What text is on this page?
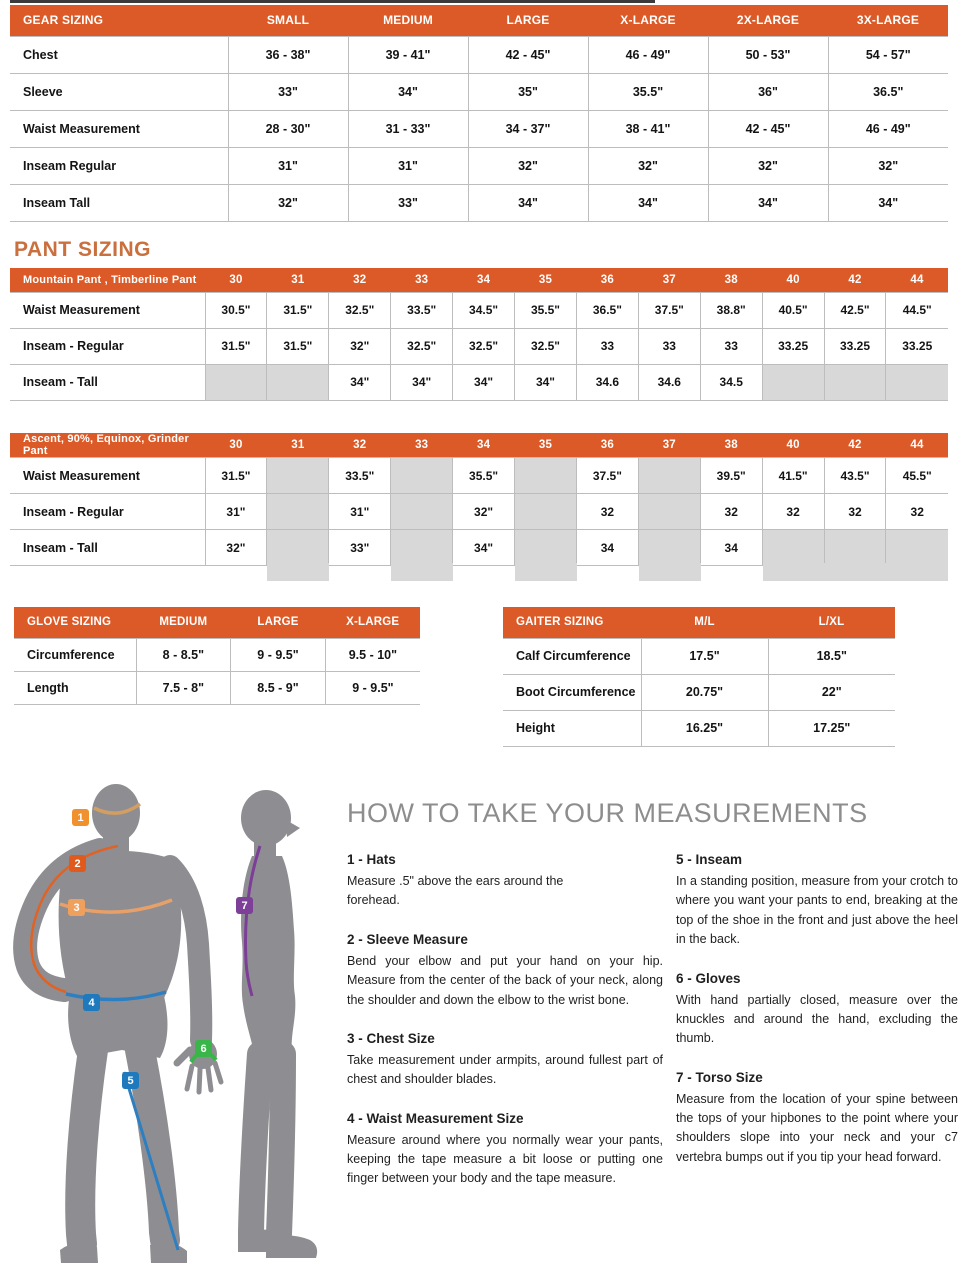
GEAR SIZING	SMALL	MEDIUM	LARGE	X-LARGE	2X-LARGE	3X-LARGE
Chest	36 - 38"	39 - 41"	42 - 45"	46 - 49"	50 - 53"	54 - 57"
Sleeve	33"	34"	35"	35.5"	36"	36.5"
Waist Measurement	28 - 30"	31 - 33"	34 - 37"	38 - 41"	42 - 45"	46 - 49"
Inseam Regular	31"	31"	32"	32"	32"	32"
Inseam Tall	32"	33"	34"	34"	34"	34"
PANT SIZING
Mountain Pant , Timberline Pant	30	31	32	33	34	35	36	37	38	40	42	44
Waist Measurement	30.5"	31.5"	32.5"	33.5"	34.5"	35.5"	36.5"	37.5"	38.8"	40.5"	42.5"	44.5"
Inseam - Regular	31.5"	31.5"	32"	32.5"	32.5"	32.5"	33	33	33	33.25	33.25	33.25
Inseam - Tall			34"	34"	34"	34"	34.6	34.6	34.5			
Ascent, 90%, Equinox, Grinder Pant	30	31	32	33	34	35	36	37	38	40	42	44
Waist Measurement	31.5"		33.5"		35.5"		37.5"		39.5"	41.5"	43.5"	45.5"
Inseam - Regular	31"		31"		32"		32		32	32	32	32
Inseam - Tall	32"		33"		34"		34		34			
GLOVE SIZING	MEDIUM	LARGE	X-LARGE
Circumference	8 - 8.5"	9 - 9.5"	9.5 - 10"
Length	7.5 - 8"	8.5 - 9"	9 - 9.5"
GAITER SIZING	M/L	L/XL
Calf Circumference	17.5"	18.5"
Boot Circumference	20.75"	22"
Height	16.25"	17.25"
1
2
3
4
5
6
7
HOW TO TAKE YOUR MEASUREMENTS
1 - Hats

Measure .5" above the ears around the forehead.

2 - Sleeve Measure

Bend your elbow and put your hand on your hip. Measure from the center of the back of your neck, along the shoulder and down the elbow to the wrist bone.

3 - Chest Size

Take measurement under armpits, around fullest part of chest and shoulder blades.

4 - Waist Measurement Size

Measure around where you normally wear your pants, keeping the tape measure a bit loose or putting one finger between your body and the tape measure.

5 - Inseam

In a standing position, measure from your crotch to where you want your pants to end, breaking at the top of the shoe in the front and just above the heel in the back.

6 - Gloves

With hand partially closed, measure over the knuckles and around the hand, excluding the thumb.

7 - Torso Size

Measure from the location of your spine between the tops of your hipbones to the point where your shoulders slope into your neck and your c7 vertebra bumps out if you tip your head forward.
